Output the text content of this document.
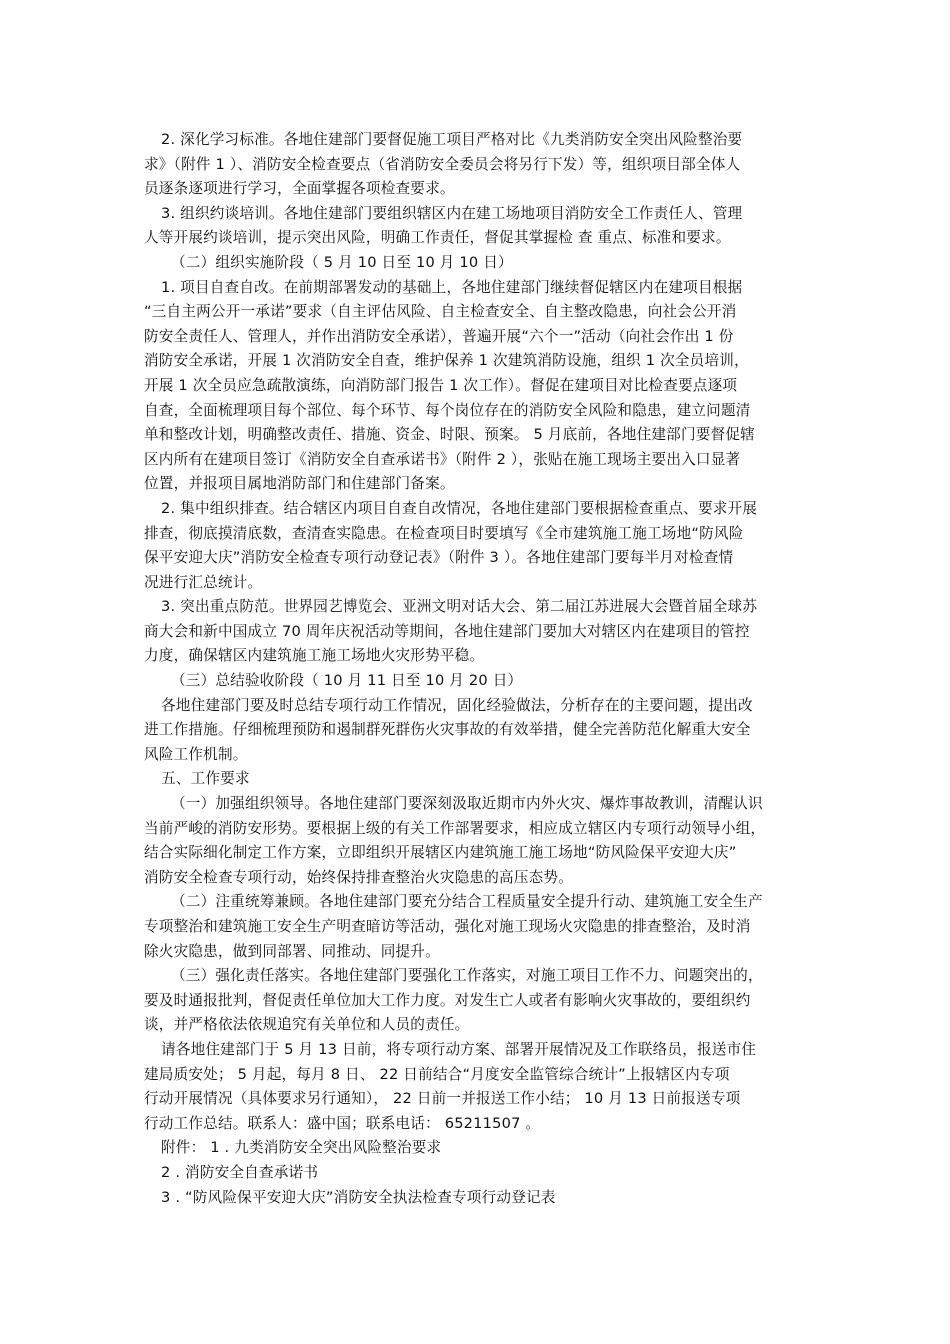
2. 深化学习标准。各地住建部门要督促施工项目严格对比《九类消防安全突出风险整治要
求》（附件 1 ）、消防安全检查要点（省消防安全委员会将另行下发）等，组织项目部全体人
员逐条逐项进行学习，全面掌握各项检查要求。
3. 组织约谈培训。各地住建部门要组织辖区内在建工场地项目消防安全工作责任人、管理
人等开展约谈培训，提示突出风险，明确工作责任，督促其掌握检 查 重点、标准和要求。
（二）组织实施阶段（ 5 月 10 日至 10 月 10 日）
1. 项目自查自改。在前期部署发动的基础上，各地住建部门继续督促辖区内在建项目根据
“三自主两公开一承诺”要求（自主评估风险、自主检查安全、自主整改隐患，向社会公开消
防安全责任人、管理人，并作出消防安全承诺），普遍开展“六个一”活动（向社会作出 1 份
消防安全承诺，开展 1 次消防安全自查，维护保养 1 次建筑消防设施，组织 1 次全员培训，
开展 1 次全员应急疏散演练，向消防部门报告 1 次工作）。督促在建项目对比检查要点逐项
自查，全面梳理项目每个部位、每个环节、每个岗位存在的消防安全风险和隐患，建立问题清
单和整改计划，明确整改责任、措施、资金、时限、预案。 5 月底前，各地住建部门要督促辖
区内所有在建项目签订《消防安全自查承诺书》（附件 2 ），张贴在施工现场主要出入口显著
位置，并报项目属地消防部门和住建部门备案。
2. 集中组织排查。结合辖区内项目自查自改情况，各地住建部门要根据检查重点、要求开展
排查，彻底摸清底数，查清查实隐患。在检查项目时要填写《全市建筑施工施工场地“防风险
保平安迎大庆”消防安全检查专项行动登记表》（附件 3 ）。各地住建部门要每半月对检查情
况进行汇总统计。
3. 突出重点防范。世界园艺博览会、亚洲文明对话大会、第二届江苏进展大会暨首届全球苏
商大会和新中国成立 70 周年庆祝活动等期间，各地住建部门要加大对辖区内在建项目的管控
力度，确保辖区内建筑施工施工场地火灾形势平稳。
（三）总结验收阶段（ 10 月 11 日至 10 月 20 日）
各地住建部门要及时总结专项行动工作情况，固化经验做法，分析存在的主要问题，提出改
进工作措施。仔细梳理预防和遏制群死群伤火灾事故的有效举措，健全完善防范化解重大安全
风险工作机制。
五、工作要求
（一）加强组织领导。各地住建部门要深刻汲取近期市内外火灾、爆炸事故教训，清醒认识
当前严峻的消防安形势。要根据上级的有关工作部署要求，相应成立辖区内专项行动领导小组，
结合实际细化制定工作方案，立即组织开展辖区内建筑施工施工场地“防风险保平安迎大庆”
消防安全检查专项行动，始终保持排查整治火灾隐患的高压态势。
（二）注重统筹兼顾。各地住建部门要充分结合工程质量安全提升行动、建筑施工安全生产
专项整治和建筑施工安全生产明查暗访等活动，强化对施工现场火灾隐患的排查整治，及时消
除火灾隐患，做到同部署、同推动、同提升。
（三）强化责任落实。各地住建部门要强化工作落实，对施工项目工作不力、问题突出的，
要及时通报批判，督促责任单位加大工作力度。对发生亡人或者有影响火灾事故的，要组织约
谈，并严格依法依规追究有关单位和人员的责任。
请各地住建部门于 5 月 13 日前，将专项行动方案、部署开展情况及工作联络员，报送市住
建局质安处； 5 月起，每月 8 日、 22 日前结合“月度安全监管综合统计”上报辖区内专项
行动开展情况（具体要求另行通知）， 22 日前一并报送工作小结； 10 月 13 日前报送专项
行动工作总结。联系人：盛中国；联系电话： 65211507 。
附件： 1 . 九类消防安全突出风险整治要求
2 . 消防安全自查承诺书
3 . “防风险保平安迎大庆”消防安全执法检查专项行动登记表
